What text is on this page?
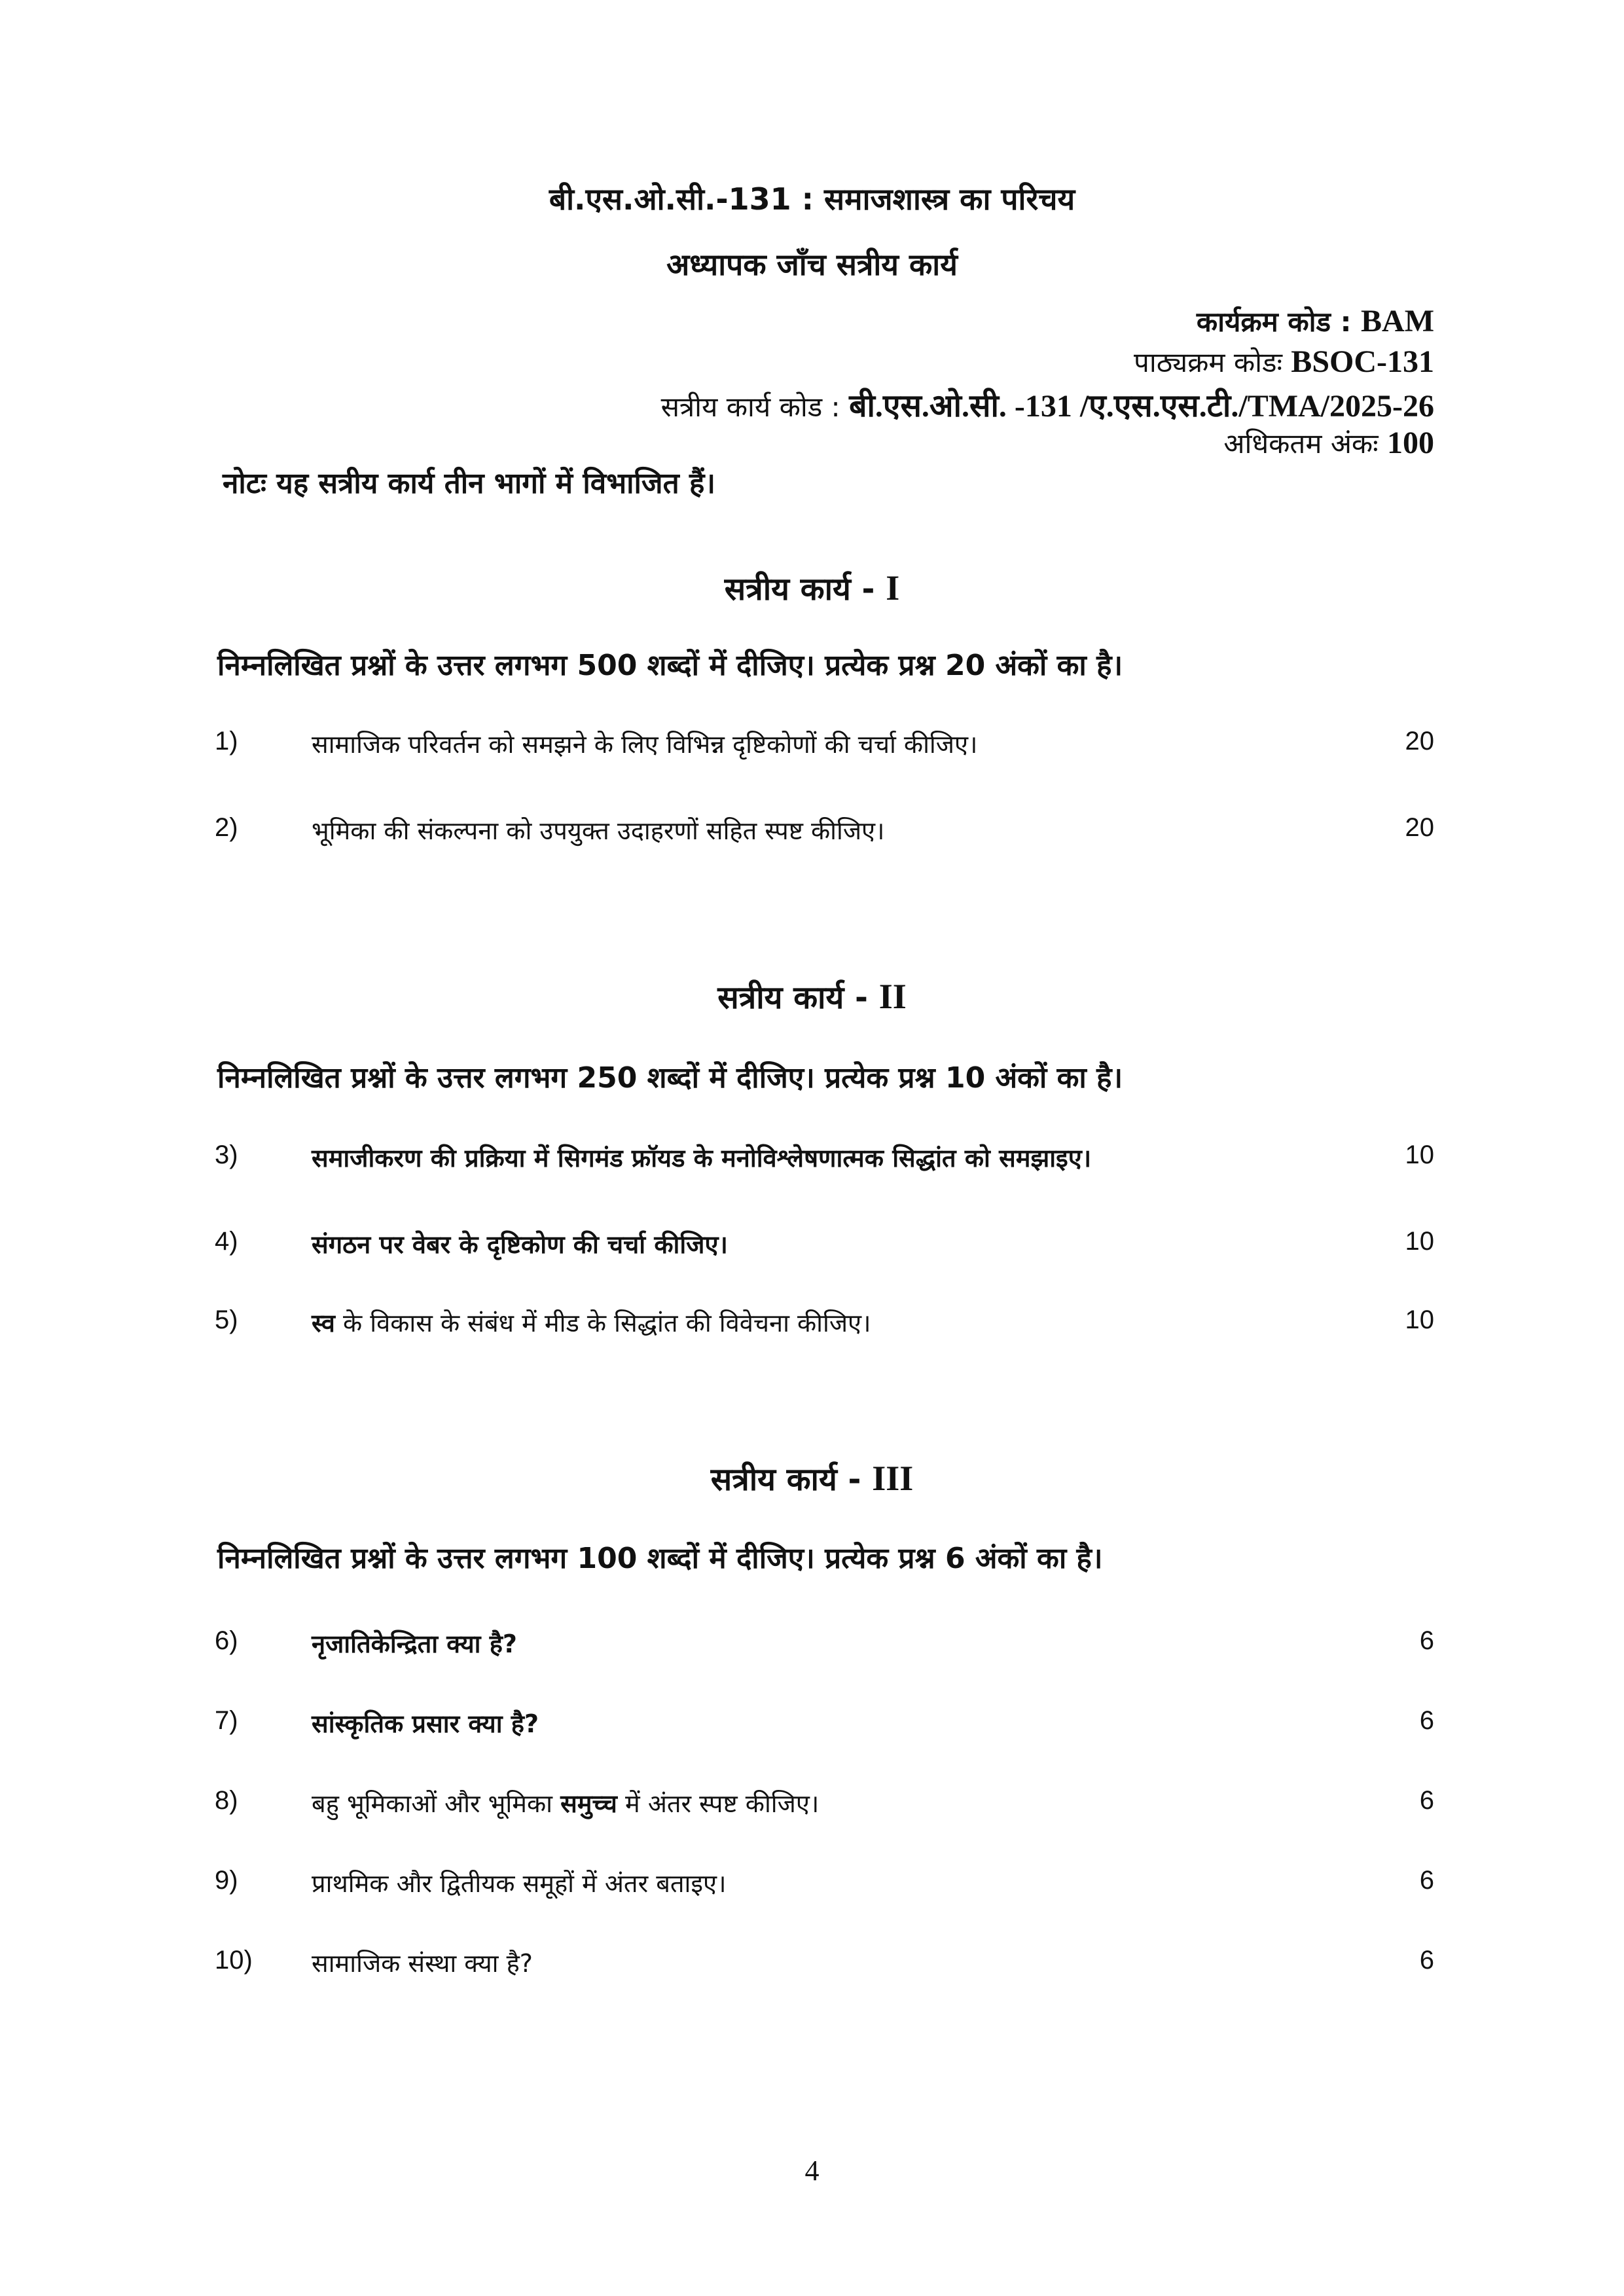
बी.एस.ओ.सी.-131 : समाजशास्त्र का परिचय
अध्यापक जाँच सत्रीय कार्य
कार्यक्रम कोड : BAM
पाठ्यक्रम कोडः BSOC-131
सत्रीय कार्य कोड : बी.एस.ओ.सी. -131 /ए.एस.एस.टी./TMA/2025-26
अधिकतम अंकः 100
नोटः यह सत्रीय कार्य तीन भागों में विभाजित हैं।
सत्रीय कार्य - I
निम्नलिखित प्रश्नों के उत्तर लगभग 500 शब्दों में दीजिए। प्रत्येक प्रश्न 20 अंकों का है।
1)	सामाजिक परिवर्तन को समझने के लिए विभिन्न दृष्टिकोणों की चर्चा कीजिए।	20
2)	भूमिका की संकल्पना को उपयुक्त उदाहरणों सहित स्पष्ट कीजिए।	20
सत्रीय कार्य - II
निम्नलिखित प्रश्नों के उत्तर लगभग 250 शब्दों में दीजिए। प्रत्येक प्रश्न 10 अंकों का है।
3)	समाजीकरण की प्रक्रिया में सिगमंड फ्रॉयड के मनोविश्लेषणात्मक सिद्धांत को समझाइए।	10
4)	संगठन पर वेबर के दृष्टिकोण की चर्चा कीजिए।	10
5)	स्व के विकास के संबंध में मीड के सिद्धांत की विवेचना कीजिए।	10
सत्रीय कार्य - III
निम्नलिखित प्रश्नों के उत्तर लगभग 100 शब्दों में दीजिए। प्रत्येक प्रश्न 6 अंकों का है।
6)	नृजातिकेन्द्रिता क्या है?	6
7)	सांस्कृतिक प्रसार क्या है?	6
8)	बहु भूमिकाओं और भूमिका समुच्च में अंतर स्पष्ट कीजिए।	6
9)	प्राथमिक और द्वितीयक समूहों में अंतर बताइए।	6
10) सामाजिक संस्था क्या है?	6
4
